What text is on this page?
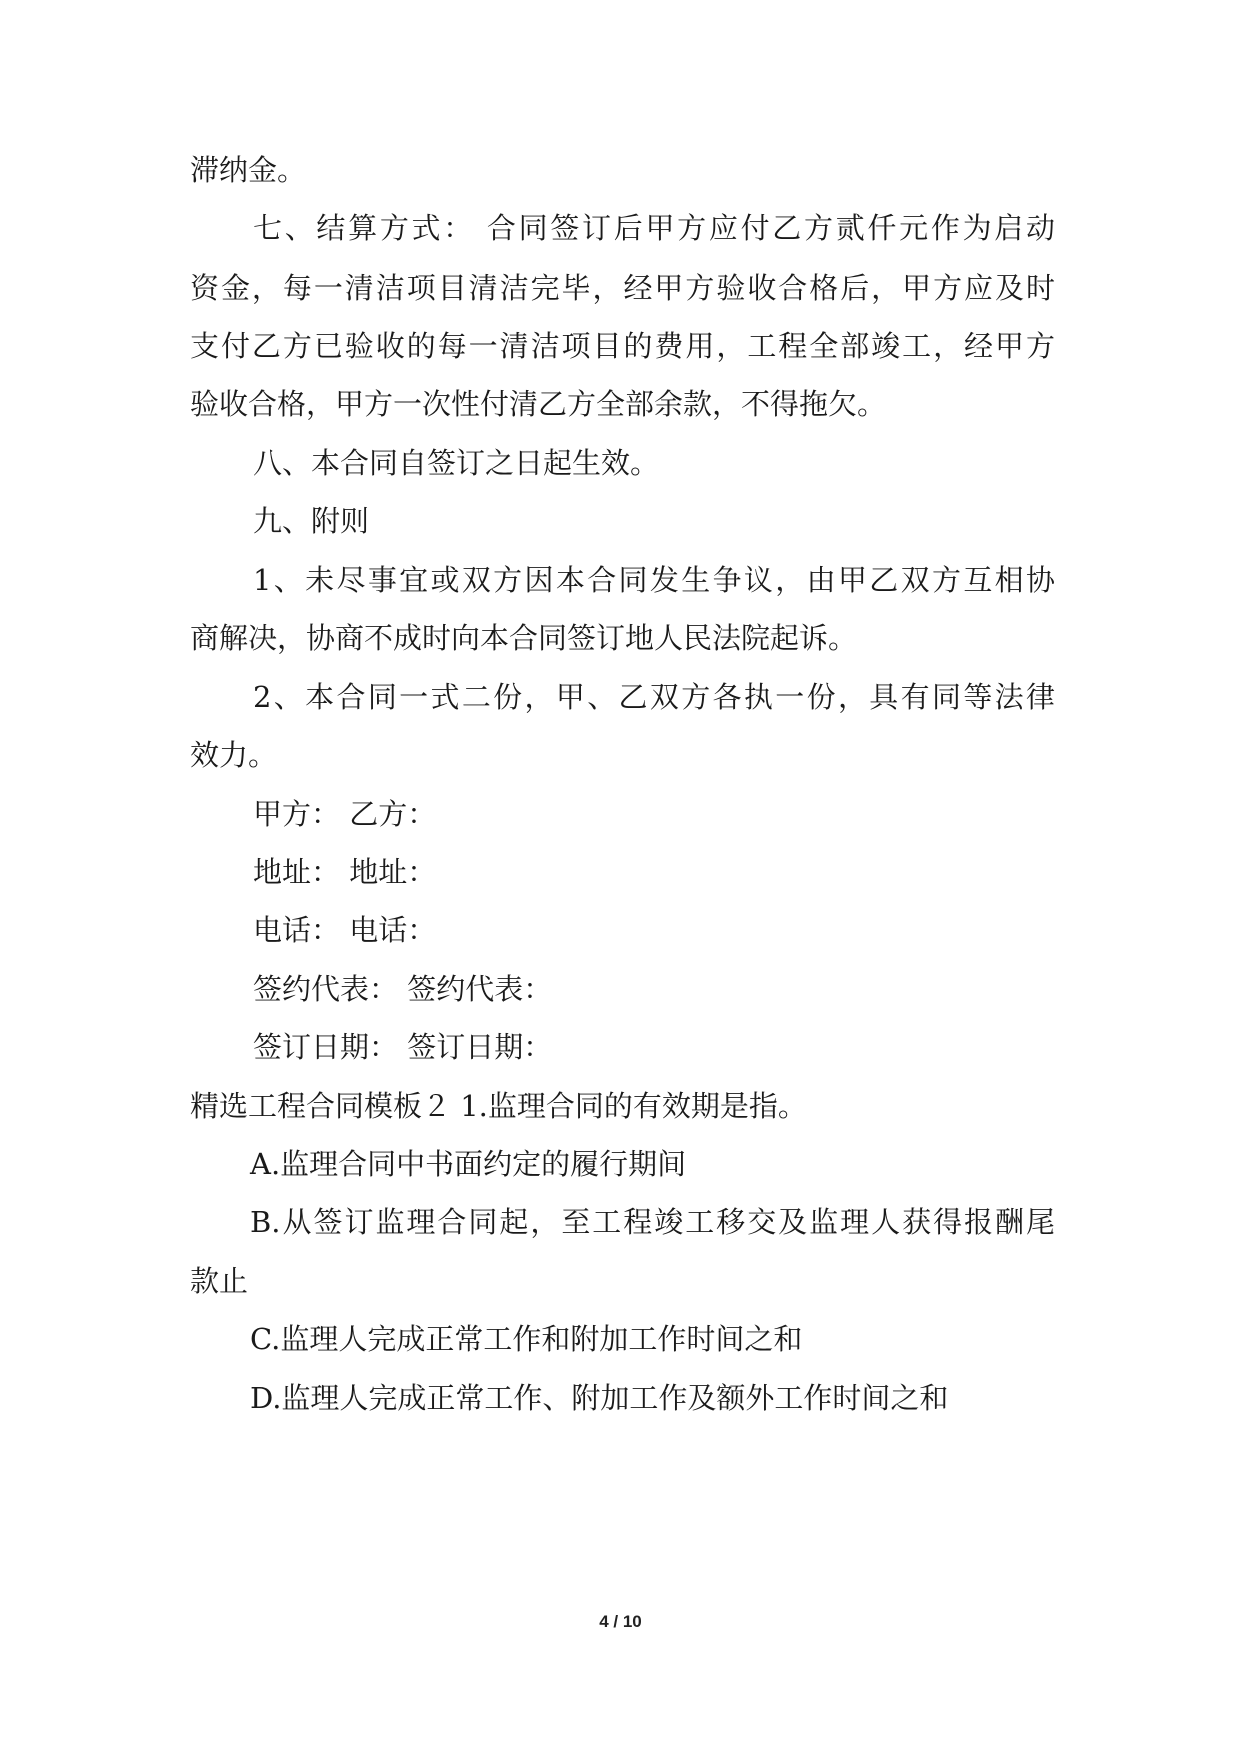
滞纳金。

七、结算方式： 合同签订后甲方应付乙方贰仟元作为启动

资金，每一清洁项目清洁完毕，经甲方验收合格后，甲方应及时

支付乙方已验收的每一清洁项目的费用，工程全部竣工，经甲方

验收合格，甲方一次性付清乙方全部余款，不得拖欠。

八、本合同自签订之日起生效。

九、附则

1、未尽事宜或双方因本合同发生争议，由甲乙双方互相协

商解决，协商不成时向本合同签订地人民法院起诉。

2、本合同一式二份，甲、乙双方各执一份，具有同等法律

效力。

甲方： 乙方：

地址： 地址：

电话： 电话：

签约代表： 签约代表：

签订日期： 签订日期：

精选工程合同模板２ 1.监理合同的有效期是指。

A.监理合同中书面约定的履行期间

B.从签订监理合同起，至工程竣工移交及监理人获得报酬尾

款止

C.监理人完成正常工作和附加工作时间之和

D.监理人完成正常工作、附加工作及额外工作时间之和

4 / 10
